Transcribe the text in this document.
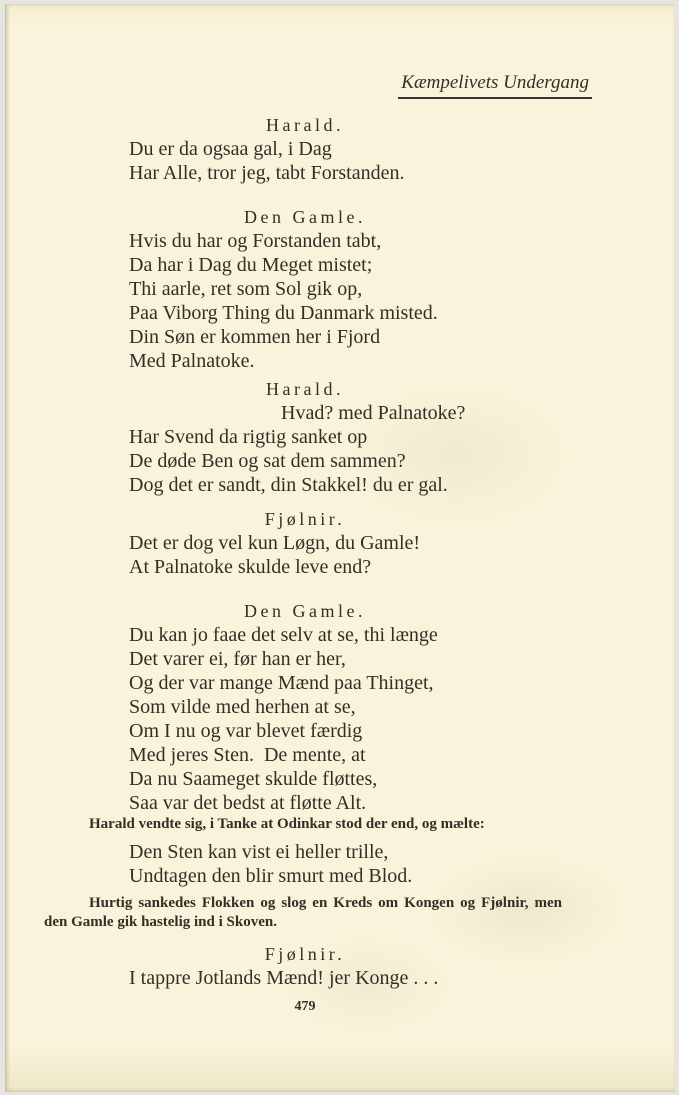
Kæmpelivets Undergang
Harald.
Du er da ogsaa gal, i Dag
Har Alle, tror jeg, tabt Forstanden.
Den Gamle.
Hvis du har og Forstanden tabt,
Da har i Dag du Meget mistet;
Thi aarle, ret som Sol gik op,
Paa Viborg Thing du Danmark misted.
Din Søn er kommen her i Fjord
Med Palnatoke.
Harald.
Hvad? med Palnatoke?
Har Svend da rigtig sanket op
De døde Ben og sat dem sammen?
Dog det er sandt, din Stakkel! du er gal.
Fjølnir.
Det er dog vel kun Løgn, du Gamle!
At Palnatoke skulde leve end?
Den Gamle.
Du kan jo faae det selv at se, thi længe
Det varer ei, før han er her,
Og der var mange Mænd paa Thinget,
Som vilde med herhen at se,
Om I nu og var blevet færdig
Med jeres Sten.  De mente, at
Da nu Saameget skulde fløttes,
Saa var det bedst at fløtte Alt.
Harald vendte sig, i Tanke at Odinkar stod der end, og mælte:
Den Sten kan vist ei heller trille,
Undtagen den blir smurt med Blod.
Hurtig sankedes Flokken og slog en Kreds om Kongen og Fjølnir, men den Gamle gik hastelig ind i Skoven.
Fjølnir.
I tappre Jotlands Mænd! jer Konge . . .
479
